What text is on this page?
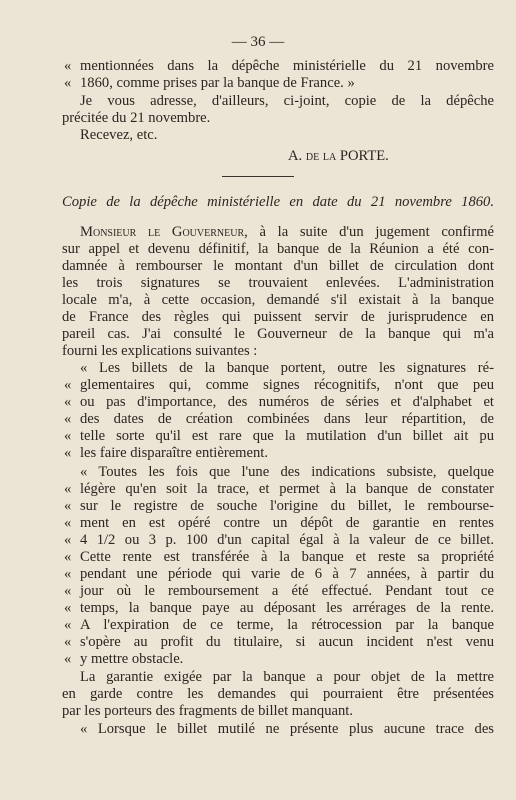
— 36 —
« mentionnées dans la dépêche ministérielle du 21 novembre
« 1860, comme prises par la banque de France. »
Je vous adresse, d'ailleurs, ci-joint, copie de la dépêche
précitée du 21 novembre.
Recevez, etc.
A. de la PORTE.
Copie de la dépêche ministérielle en date du 21 novembre 1860.
Monsieur le Gouverneur, à la suite d'un jugement confirmé
sur appel et devenu définitif, la banque de la Réunion a été con-
damnée à rembourser le montant d'un billet de circulation dont
les trois signatures se trouvaient enlevées. L'administration
locale m'a, à cette occasion, demandé s'il existait à la banque
de France des règles qui puissent servir de jurisprudence en
pareil cas. J'ai consulté le Gouverneur de la banque qui m'a
fourni les explications suivantes :
« Les billets de la banque portent, outre les signatures ré-
« glementaires qui, comme signes récognitifs, n'ont que peu
« ou pas d'importance, des numéros de séries et d'alphabet et
« des dates de création combinées dans leur répartition, de
« telle sorte qu'il est rare que la mutilation d'un billet ait pu
« les faire disparaître entièrement.
« Toutes les fois que l'une des indications subsiste, quelque
« légère qu'en soit la trace, et permet à la banque de constater
« sur le registre de souche l'origine du billet, le rembourse-
« ment en est opéré contre un dépôt de garantie en rentes
« 4 1/2 ou 3 p. 100 d'un capital égal à la valeur de ce billet.
« Cette rente est transférée à la banque et reste sa propriété
« pendant une période qui varie de 6 à 7 années, à partir du
« jour où le remboursement a été effectué. Pendant tout ce
« temps, la banque paye au déposant les arrérages de la rente.
« A l'expiration de ce terme, la rétrocession par la banque
« s'opère au profit du titulaire, si aucun incident n'est venu
« y mettre obstacle.
La garantie exigée par la banque a pour objet de la mettre
en garde contre les demandes qui pourraient être présentées
par les porteurs des fragments de billet manquant.
« Lorsque le billet mutilé ne présente plus aucune trace des
